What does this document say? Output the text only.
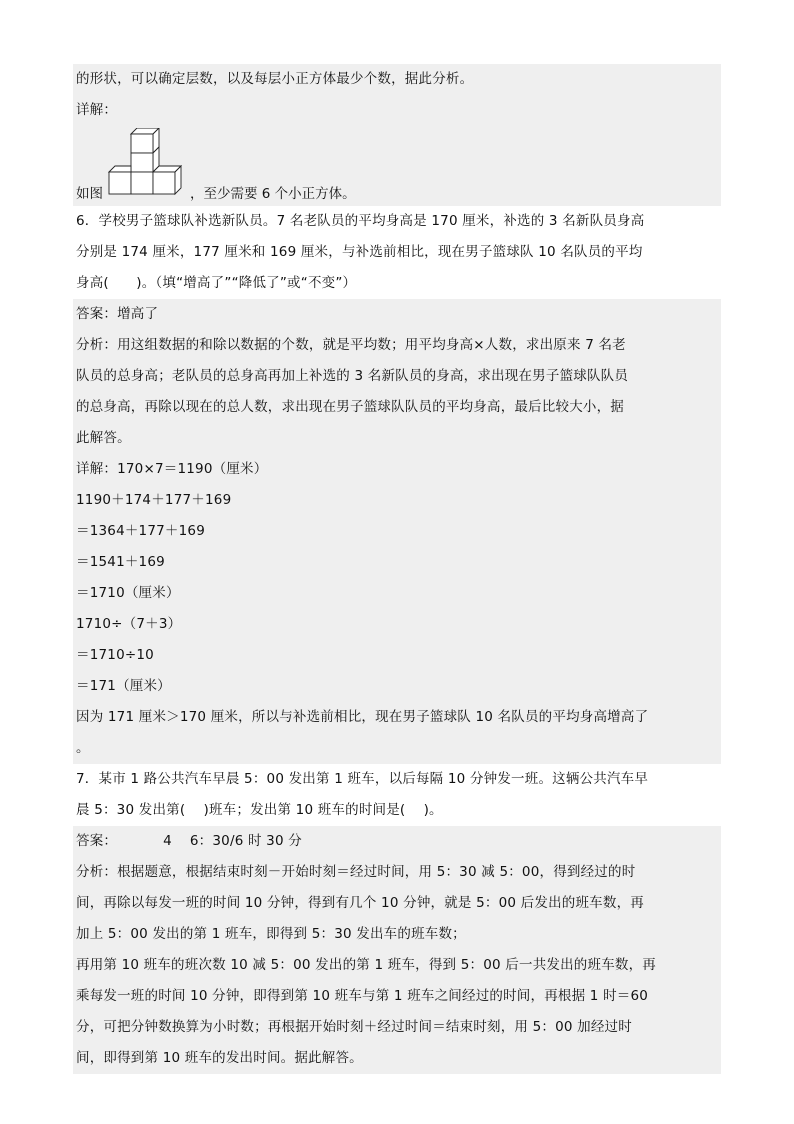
的形状，可以确定层数，以及每层小正方体最少个数，据此分析。
详解：
如图	，至少需要 6 个小正方体。
6．学校男子篮球队补选新队员。7 名老队员的平均身高是 170 厘米，补选的 3 名新队员身高
分别是 174 厘米，177 厘米和 169 厘米，与补选前相比，现在男子篮球队 10 名队员的平均
身高(　　)。（填“增高了”“降低了”或“不变”）
答案：增高了
分析：用这组数据的和除以数据的个数，就是平均数；用平均身高×人数，求出原来 7 名老
队员的总身高；老队员的总身高再加上补选的 3 名新队员的身高，求出现在男子篮球队队员
的总身高，再除以现在的总人数，求出现在男子篮球队队员的平均身高，最后比较大小，据
此解答。
详解：170×7＝1190（厘米）
1190＋174＋177＋169
＝1364＋177＋169
＝1541＋169
＝1710（厘米）
1710÷（7＋3）
＝1710÷10
＝171（厘米）
因为 171 厘米＞170 厘米，所以与补选前相比，现在男子篮球队 10 名队员的平均身高增高了
。
7．某市 1 路公共汽车早晨 5：00 发出第 1 班车，以后每隔 10 分钟发一班。这辆公共汽车早
晨 5：30 发出第(　 )班车；发出第 10 班车的时间是(　 )。
答案：	4 6：30/6 时 30 分
分析：根据题意，根据结束时刻－开始时刻＝经过时间，用 5：30 减 5：00，得到经过的时
间，再除以每发一班的时间 10 分钟，得到有几个 10 分钟，就是 5：00 后发出的班车数，再
加上 5：00 发出的第 1 班车，即得到 5：30 发出车的班车数；
再用第 10 班车的班次数 10 减 5：00 发出的第 1 班车，得到 5：00 后一共发出的班车数，再
乘每发一班的时间 10 分钟，即得到第 10 班车与第 1 班车之间经过的时间，再根据 1 时＝60
分，可把分钟数换算为小时数；再根据开始时刻＋经过时间＝结束时刻，用 5：00 加经过时
间，即得到第 10 班车的发出时间。据此解答。
